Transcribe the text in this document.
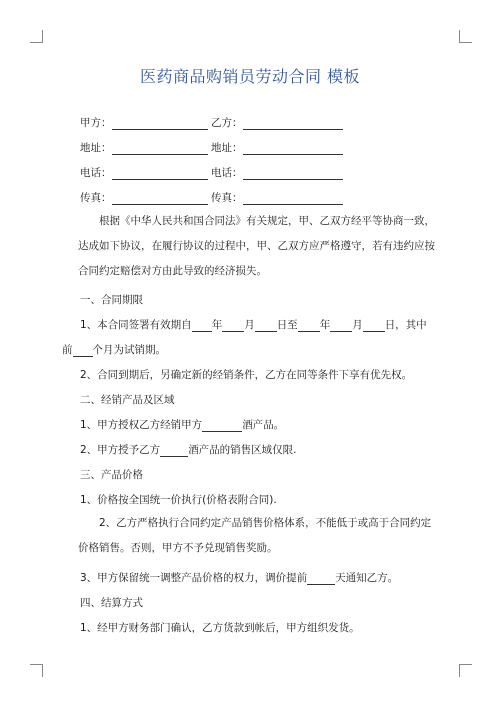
医药商品购销员劳动合同 模板
甲方：	乙方：
地址：	地址：
电话：	电话：
传真：	传真：
根据《中华人民共和国合同法》有关规定，甲、乙双方经平等协商一致，达成如下协议，在履行协议的过程中，甲、乙双方应严格遵守，若有违约应按合同约定赔偿对方由此导致的经济损失。
一、合同期限
1、本合同签署有效期自 年 月 日至 年 月 日，其中
前 个月为试销期。
2、合同到期后，另确定新的经销条件，乙方在同等条件下享有优先权。
二、经销产品及区域
1、甲方授权乙方经销甲方	酒产品。
2、甲方授予乙方	酒产品的销售区域仅限.
三、产品价格
1、价格按全国统一价执行(价格表附合同).
2、乙方严格执行合同约定产品销售价格体系，不能低于或高于合同约定价格销售。否则，甲方不予兑现销售奖励。
3、甲方保留统一调整产品价格的权力，调价提前	天通知乙方。
四、结算方式
1、经甲方财务部门确认，乙方货款到帐后，甲方组织发货。
